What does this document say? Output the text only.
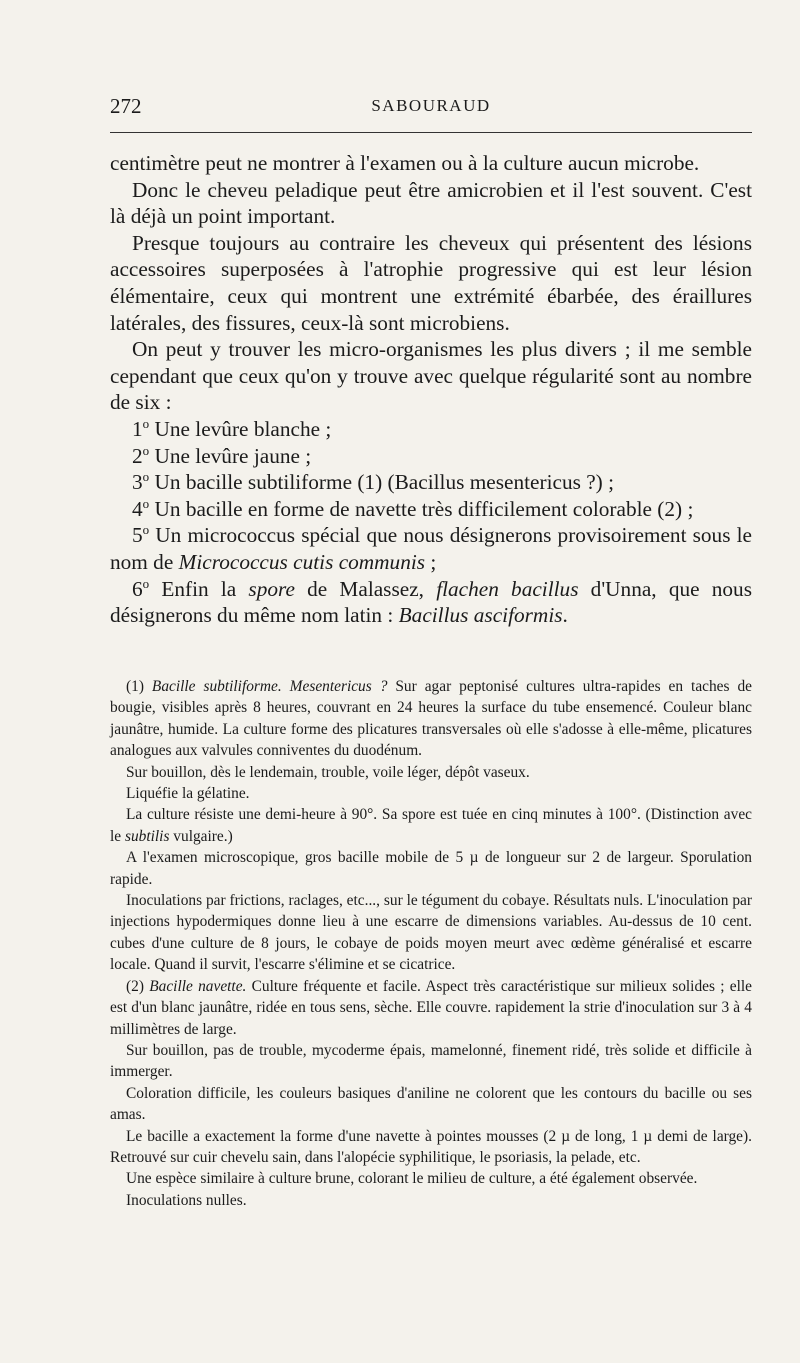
272	SABOURAUD

centimètre peut ne montrer à l'examen ou à la culture aucun microbe.

Donc le cheveu peladique peut être amicrobien et il l'est souvent. C'est là déjà un point important.

Presque toujours au contraire les cheveux qui présentent des lésions accessoires superposées à l'atrophie progressive qui est leur lésion élémentaire, ceux qui montrent une extrémité ébarbée, des éraillures latérales, des fissures, ceux-là sont microbiens.

On peut y trouver les micro-organismes les plus divers ; il me semble cependant que ceux qu'on y trouve avec quelque régularité sont au nombre de six :

1$^o$ Une levûre blanche ;

2$^o$ Une levûre jaune ;

3$^o$ Un bacille subtiliforme (1) (Bacillus mesentericus ?) ;

4$^o$ Un bacille en forme de navette très difficilement colorable (2) ;

5$^o$ Un micrococcus spécial que nous désignerons provisoirement sous le nom de Micrococcus cutis communis ;

6$^o$ Enfin la spore de Malassez, flachen bacillus d'Unna, que nous désignerons du même nom latin : Bacillus asciformis.

(1) Bacille subtiliforme. Mesentericus ? Sur agar peptonisé cultures ultra-rapides en taches de bougie, visibles après 8 heures, couvrant en 24 heures la surface du tube ensemencé. Couleur blanc jaunâtre, humide. La culture forme des plicatures transversales où elle s'adosse à elle-même, plicatures analogues aux valvules conniventes du duodénum.

Sur bouillon, dès le lendemain, trouble, voile léger, dépôt vaseux.

Liquéfie la gélatine.

La culture résiste une demi-heure à 90°. Sa spore est tuée en cinq minutes à 100°. (Distinction avec le subtilis vulgaire.)

A l'examen microscopique, gros bacille mobile de 5 µ de longueur sur 2 de largeur. Sporulation rapide.

Inoculations par frictions, raclages, etc..., sur le tégument du cobaye. Résultats nuls. L'inoculation par injections hypodermiques donne lieu à une escarre de dimensions variables. Au-dessus de 10 cent. cubes d'une culture de 8 jours, le cobaye de poids moyen meurt avec œdème généralisé et escarre locale. Quand il survit, l'escarre s'élimine et se cicatrice.

(2) Bacille navette. Culture fréquente et facile. Aspect très caractéristique sur milieux solides ; elle est d'un blanc jaunâtre, ridée en tous sens, sèche. Elle couvre. rapidement la strie d'inoculation sur 3 à 4 millimètres de large.

Sur bouillon, pas de trouble, mycoderme épais, mamelonné, finement ridé, très solide et difficile à immerger.

Coloration difficile, les couleurs basiques d'aniline ne colorent que les contours du bacille ou ses amas.

Le bacille a exactement la forme d'une navette à pointes mousses (2 µ de long, 1 µ demi de large). Retrouvé sur cuir chevelu sain, dans l'alopécie syphilitique, le psoriasis, la pelade, etc.

Une espèce similaire à culture brune, colorant le milieu de culture, a été également observée.

Inoculations nulles.
